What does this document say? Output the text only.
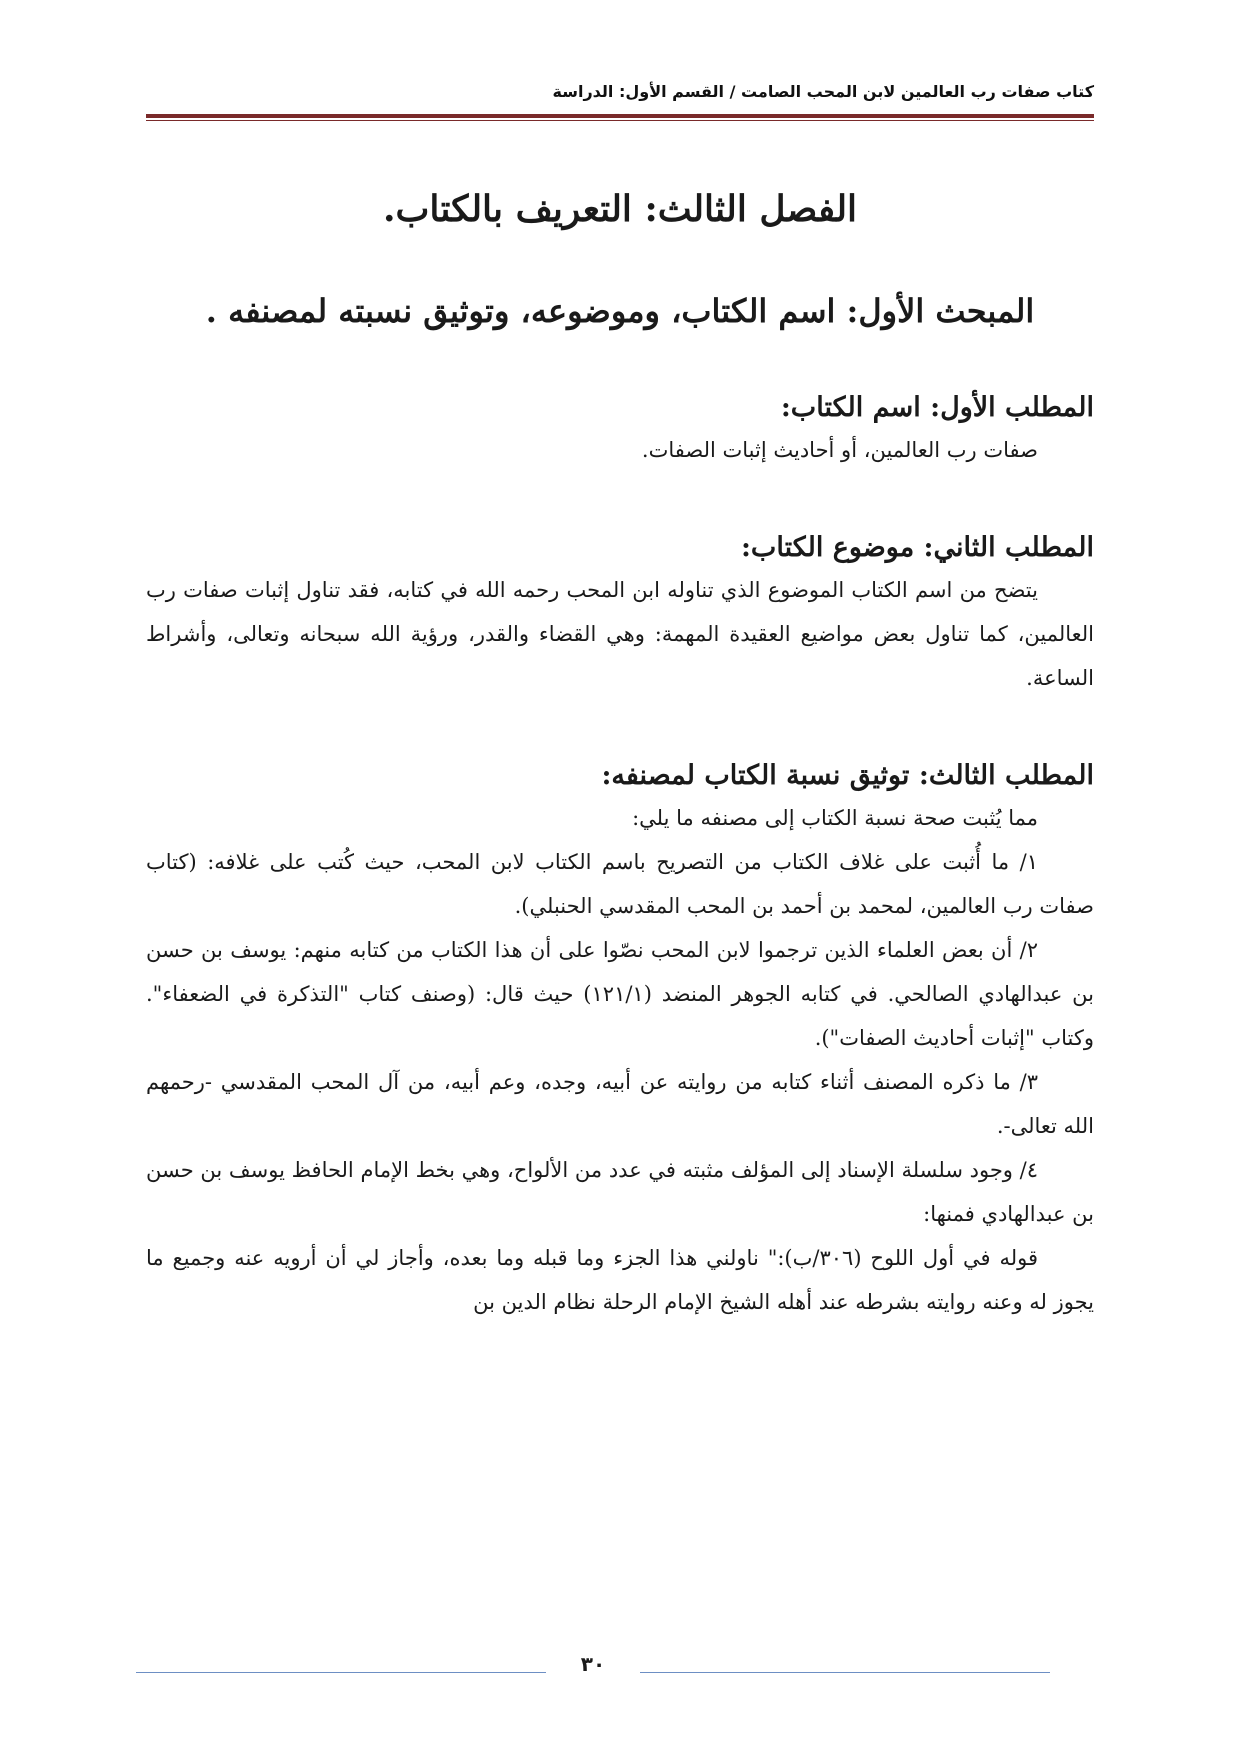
كتاب صفات رب العالمين لابن المحب الصامت / القسم الأول: الدراسة
الفصل الثالث: التعريف بالكتاب.
المبحث الأول: اسم الكتاب، وموضوعه، وتوثيق نسبته لمصنفه .
المطلب الأول: اسم الكتاب:

صفات رب العالمين، أو أحاديث إثبات الصفات.

المطلب الثاني: موضوع الكتاب:

يتضح من اسم الكتاب الموضوع الذي تناوله ابن المحب رحمه الله في كتابه، فقد تناول إثبات صفات رب العالمين، كما تناول بعض مواضيع العقيدة المهمة: وهي القضاء والقدر، ورؤية الله سبحانه وتعالى، وأشراط الساعة.

المطلب الثالث: توثيق نسبة الكتاب لمصنفه:

مما يُثبت صحة نسبة الكتاب إلى مصنفه ما يلي:

١/ ما أُثبت على غلاف الكتاب من التصريح باسم الكتاب لابن المحب، حيث كُتب على غلافه: (كتاب صفات رب العالمين، لمحمد بن أحمد بن المحب المقدسي الحنبلي).

٢/ أن بعض العلماء الذين ترجموا لابن المحب نصّوا على أن هذا الكتاب من كتابه منهم: يوسف بن حسن بن عبدالهادي الصالحي. في كتابه الجوهر المنضد (١٢١/١) حيث قال: (وصنف كتاب "التذكرة في الضعفاء". وكتاب "إثبات أحاديث الصفات").

٣/ ما ذكره المصنف أثناء كتابه من روايته عن أبيه، وجده، وعم أبيه، من آل المحب المقدسي -رحمهم الله تعالى-.

٤/ وجود سلسلة الإسناد إلى المؤلف مثبته في عدد من الألواح، وهي بخط الإمام الحافظ يوسف بن حسن بن عبدالهادي فمنها:

قوله في أول اللوح (٣٠٦/ب):" ناولني هذا الجزء وما قبله وما بعده، وأجاز لي أن أرويه عنه وجميع ما يجوز له وعنه روايته بشرطه عند أهله الشيخ الإمام الرحلة نظام الدين بن

٣٠
